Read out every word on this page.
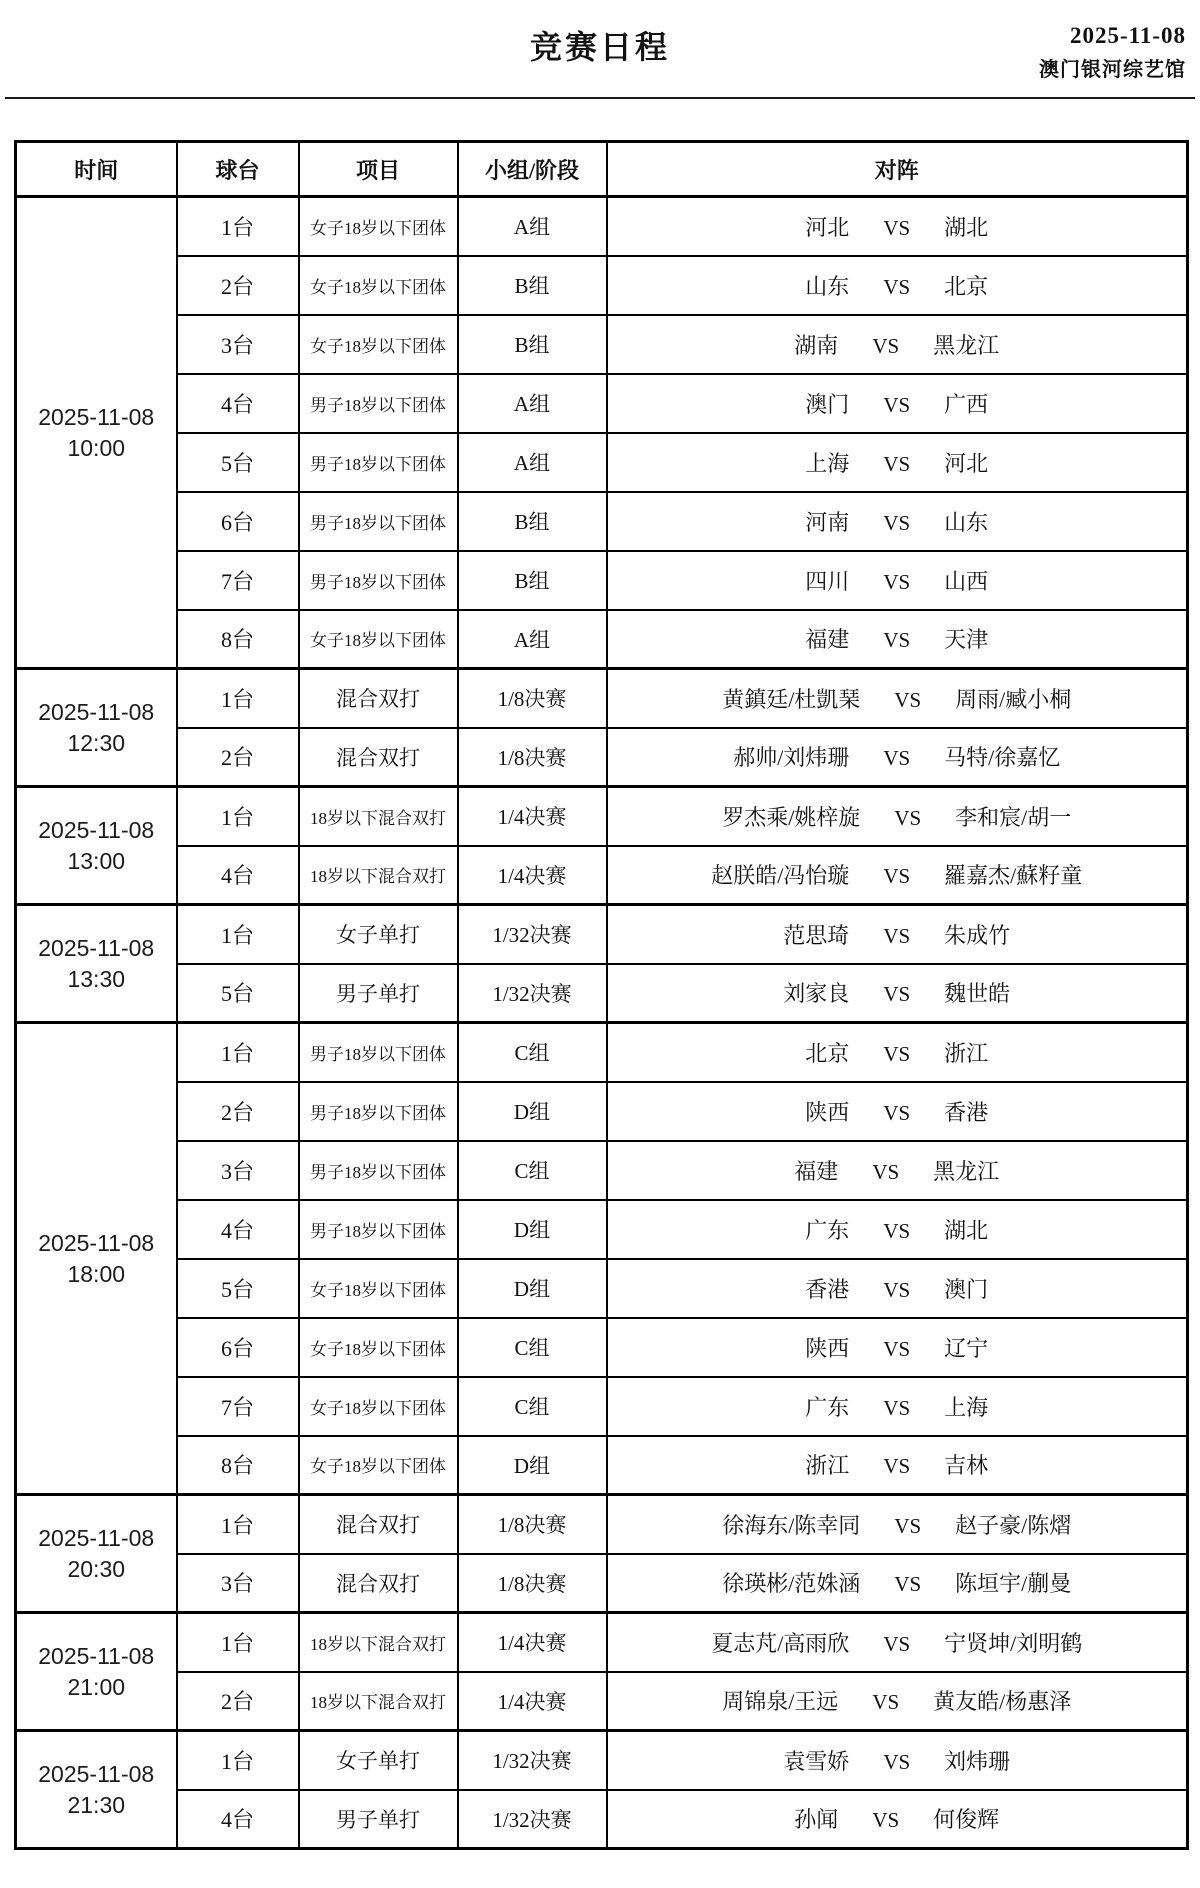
竞赛日程	2025-11-08
澳门银河综艺馆
时间	球台	项目	小组/阶段	对阵

2025-11-08
10:00	1台	女子18岁以下团体	A组	河北 VS 湖北
	2台	女子18岁以下团体	B组	山东 VS 北京
	3台	女子18岁以下团体	B组	湖南 VS 黑龙江
	4台	男子18岁以下团体	A组	澳门 VS 广西
	5台	男子18岁以下团体	A组	上海 VS 河北
	6台	男子18岁以下团体	B组	河南 VS 山东
	7台	男子18岁以下团体	B组	四川 VS 山西
	8台	女子18岁以下团体	A组	福建 VS 天津

2025-11-08
12:30	1台	混合双打	1/8决赛	黄鎮廷/杜凱琹 VS 周雨/臧小桐
	2台	混合双打	1/8决赛	郝帅/刘炜珊 VS 马特/徐嘉忆

2025-11-08
13:00	1台	18岁以下混合双打	1/4决赛	罗杰乘/姚梓旋 VS 李和宸/胡一
	4台	18岁以下混合双打	1/4决赛	赵朕皓/冯怡璇 VS 羅嘉杰/蘇籽童

2025-11-08
13:30	1台	女子单打	1/32决赛	范思琦 VS 朱成竹
	5台	男子单打	1/32决赛	刘家良 VS 魏世皓

2025-11-08
18:00	1台	男子18岁以下团体	C组	北京 VS 浙江
	2台	男子18岁以下团体	D组	陕西 VS 香港
	3台	男子18岁以下团体	C组	福建 VS 黑龙江
	4台	男子18岁以下团体	D组	广东 VS 湖北
	5台	女子18岁以下团体	D组	香港 VS 澳门
	6台	女子18岁以下团体	C组	陕西 VS 辽宁
	7台	女子18岁以下团体	C组	广东 VS 上海
	8台	女子18岁以下团体	D组	浙江 VS 吉林

2025-11-08
20:30	1台	混合双打	1/8决赛	徐海东/陈幸同 VS 赵子豪/陈熠
	3台	混合双打	1/8决赛	徐瑛彬/范姝涵 VS 陈垣宇/蒯曼

2025-11-08
21:00	1台	18岁以下混合双打	1/4决赛	夏志芃/高雨欣 VS 宁贤坤/刘明鹤
	2台	18岁以下混合双打	1/4决赛	周锦泉/王远 VS 黄友皓/杨惠泽

2025-11-08
21:30	1台	女子单打	1/32决赛	袁雪娇 VS 刘炜珊
	4台	男子单打	1/32决赛	孙闻 VS 何俊辉
